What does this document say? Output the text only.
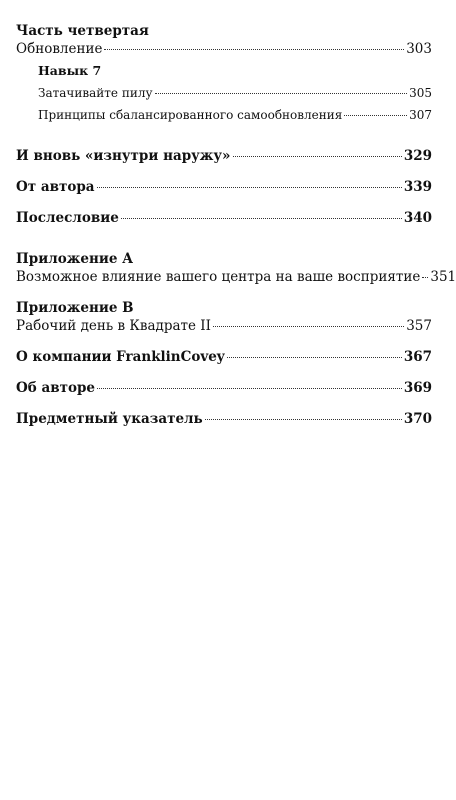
Часть четвертая
Обновление	303
Навык 7
Затачивайте пилу	305
Принципы сбалансированного самообновления	307
И вновь «изнутри наружу»	329
От автора	339
Послесловие	340
Приложение А
Возможное влияние вашего центра на ваше восприятие 351
Приложение В
Рабочий день в Квадрате II	357
О компании FranklinCovey	367
Об авторе	369
Предметный указатель	370
